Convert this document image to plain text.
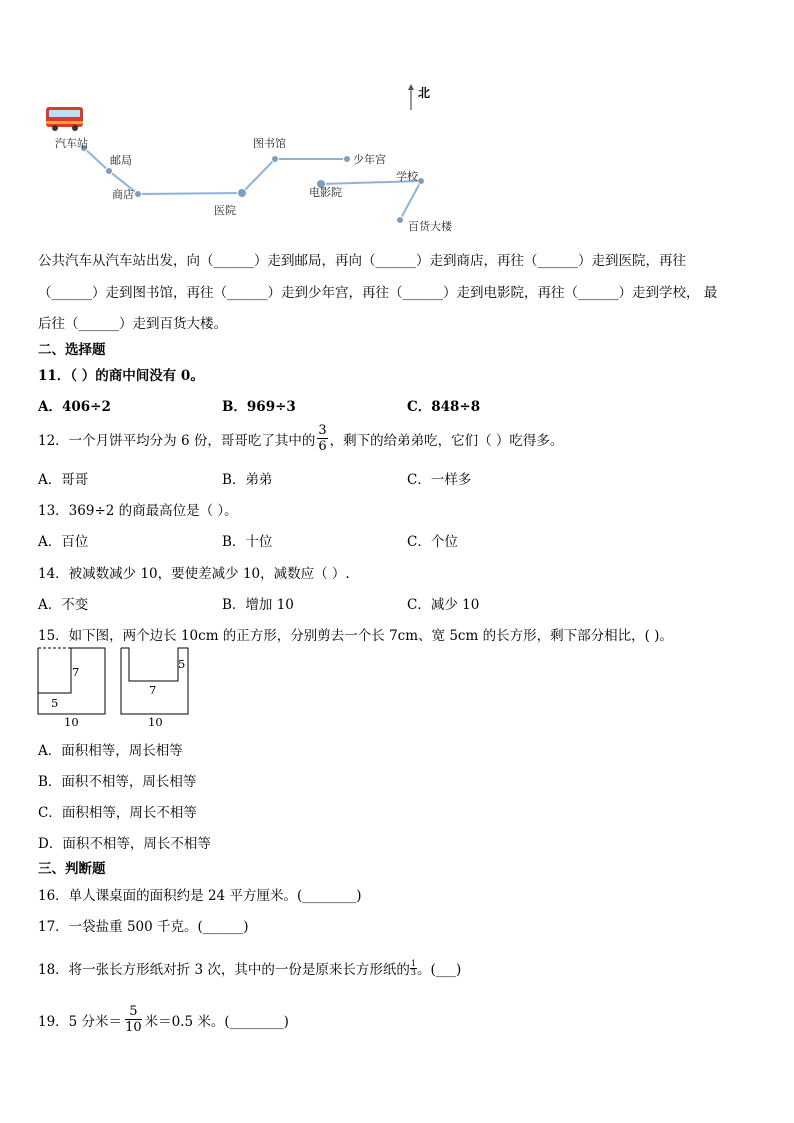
北
汽车站
邮局
商店
医院
图书馆
少年宫
电影院
学校
百货大楼
公共汽车从汽车站出发，向（______）走到邮局，再向（______）走到商店，再往（______）走到医院，再往
（______）走到图书馆，再往（______）走到少年宫，再往（______）走到电影院，再往（______）走到学校， 最
后往（______）走到百货大楼。
二、选择题
11．（ ）的商中间没有 0。
A．406÷2	B．969÷3	C．848÷8
12．一个月饼平均分为 6 份，哥哥吃了其中的 $\frac{3}{6}$ ，剩下的给弟弟吃，它们（ ）吃得多。
A．哥哥	B．弟弟	C．一样多
13．369÷2 的商最高位是（ ）。
A．百位	B．十位	C．个位
14．被减数减少 10，要使差减少 10，减数应（ ）.
A．不变	B．增加 10	C．减少 10
15．如下图，两个边长 10cm 的正方形，分别剪去一个长 7cm、宽 5cm 的长方形，剩下部分相比，( )。
7
5
10
5
7
10
A．面积相等，周长相等
B．面积不相等，周长相等
C．面积相等，周长不相等
D．面积不相等，周长不相等
三、判断题
16．单人课桌面的面积约是 24 平方厘米。(________)
17．一袋盐重 500 千克。(______)
18．将一张长方形纸对折 3 次，其中的一份是原来长方形纸的 $\frac{1}{3}$ 。(___)
19．5 分米＝ $\frac{5}{10}$ 米＝0.5 米。(________)
